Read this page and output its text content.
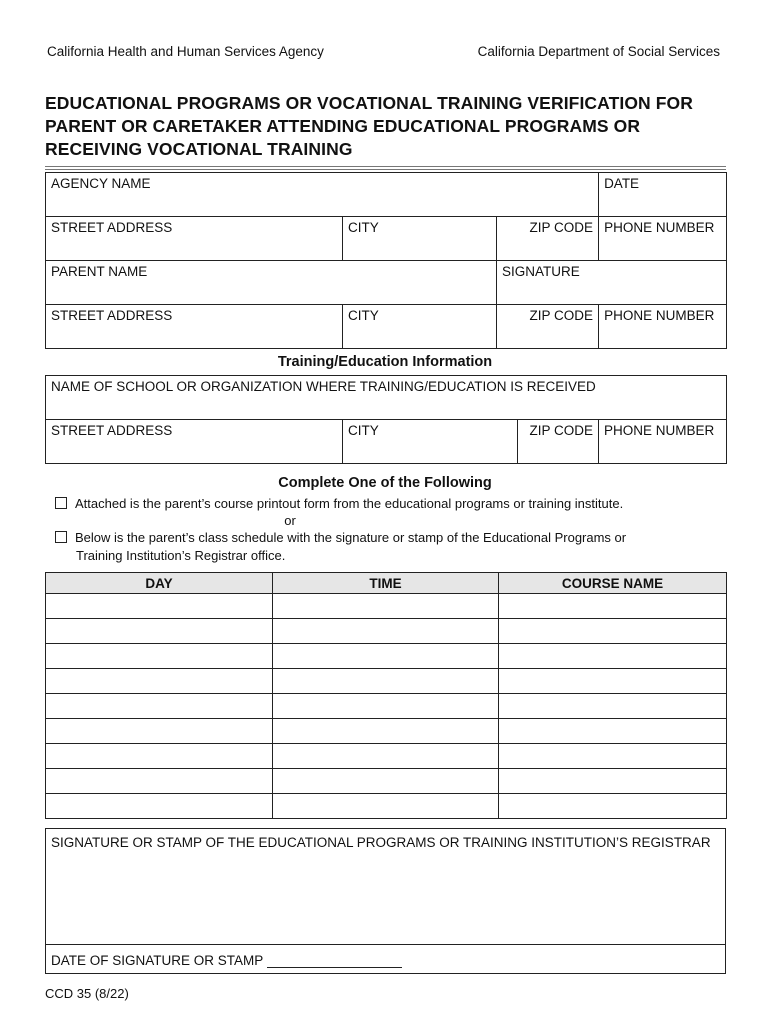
California Health and Human Services Agency	California Department of Social Services
EDUCATIONAL PROGRAMS OR VOCATIONAL TRAINING VERIFICATION FOR PARENT OR CARETAKER ATTENDING EDUCATIONAL PROGRAMS OR RECEIVING VOCATIONAL TRAINING
AGENCY NAME			DATE
STREET ADDRESS	CITY	ZIP CODE	PHONE NUMBER
PARENT NAME		SIGNATURE	
STREET ADDRESS	CITY	ZIP CODE	PHONE NUMBER
Training/Education Information
NAME OF SCHOOL OR ORGANIZATION WHERE TRAINING/EDUCATION IS RECEIVED
STREET ADDRESS	CITY	ZIP CODE	PHONE NUMBER
Complete One of the Following
Attached is the parent’s course printout form from the educational programs or training institute.
or
Below is the parent’s class schedule with the signature or stamp of the Educational Programs or
Training Institution’s Registrar office.
DAY	TIME	COURSE NAME

SIGNATURE OR STAMP OF THE EDUCATIONAL PROGRAMS OR TRAINING INSTITUTION’S REGISTRAR
DATE OF SIGNATURE OR STAMP
CCD 35 (8/22)
